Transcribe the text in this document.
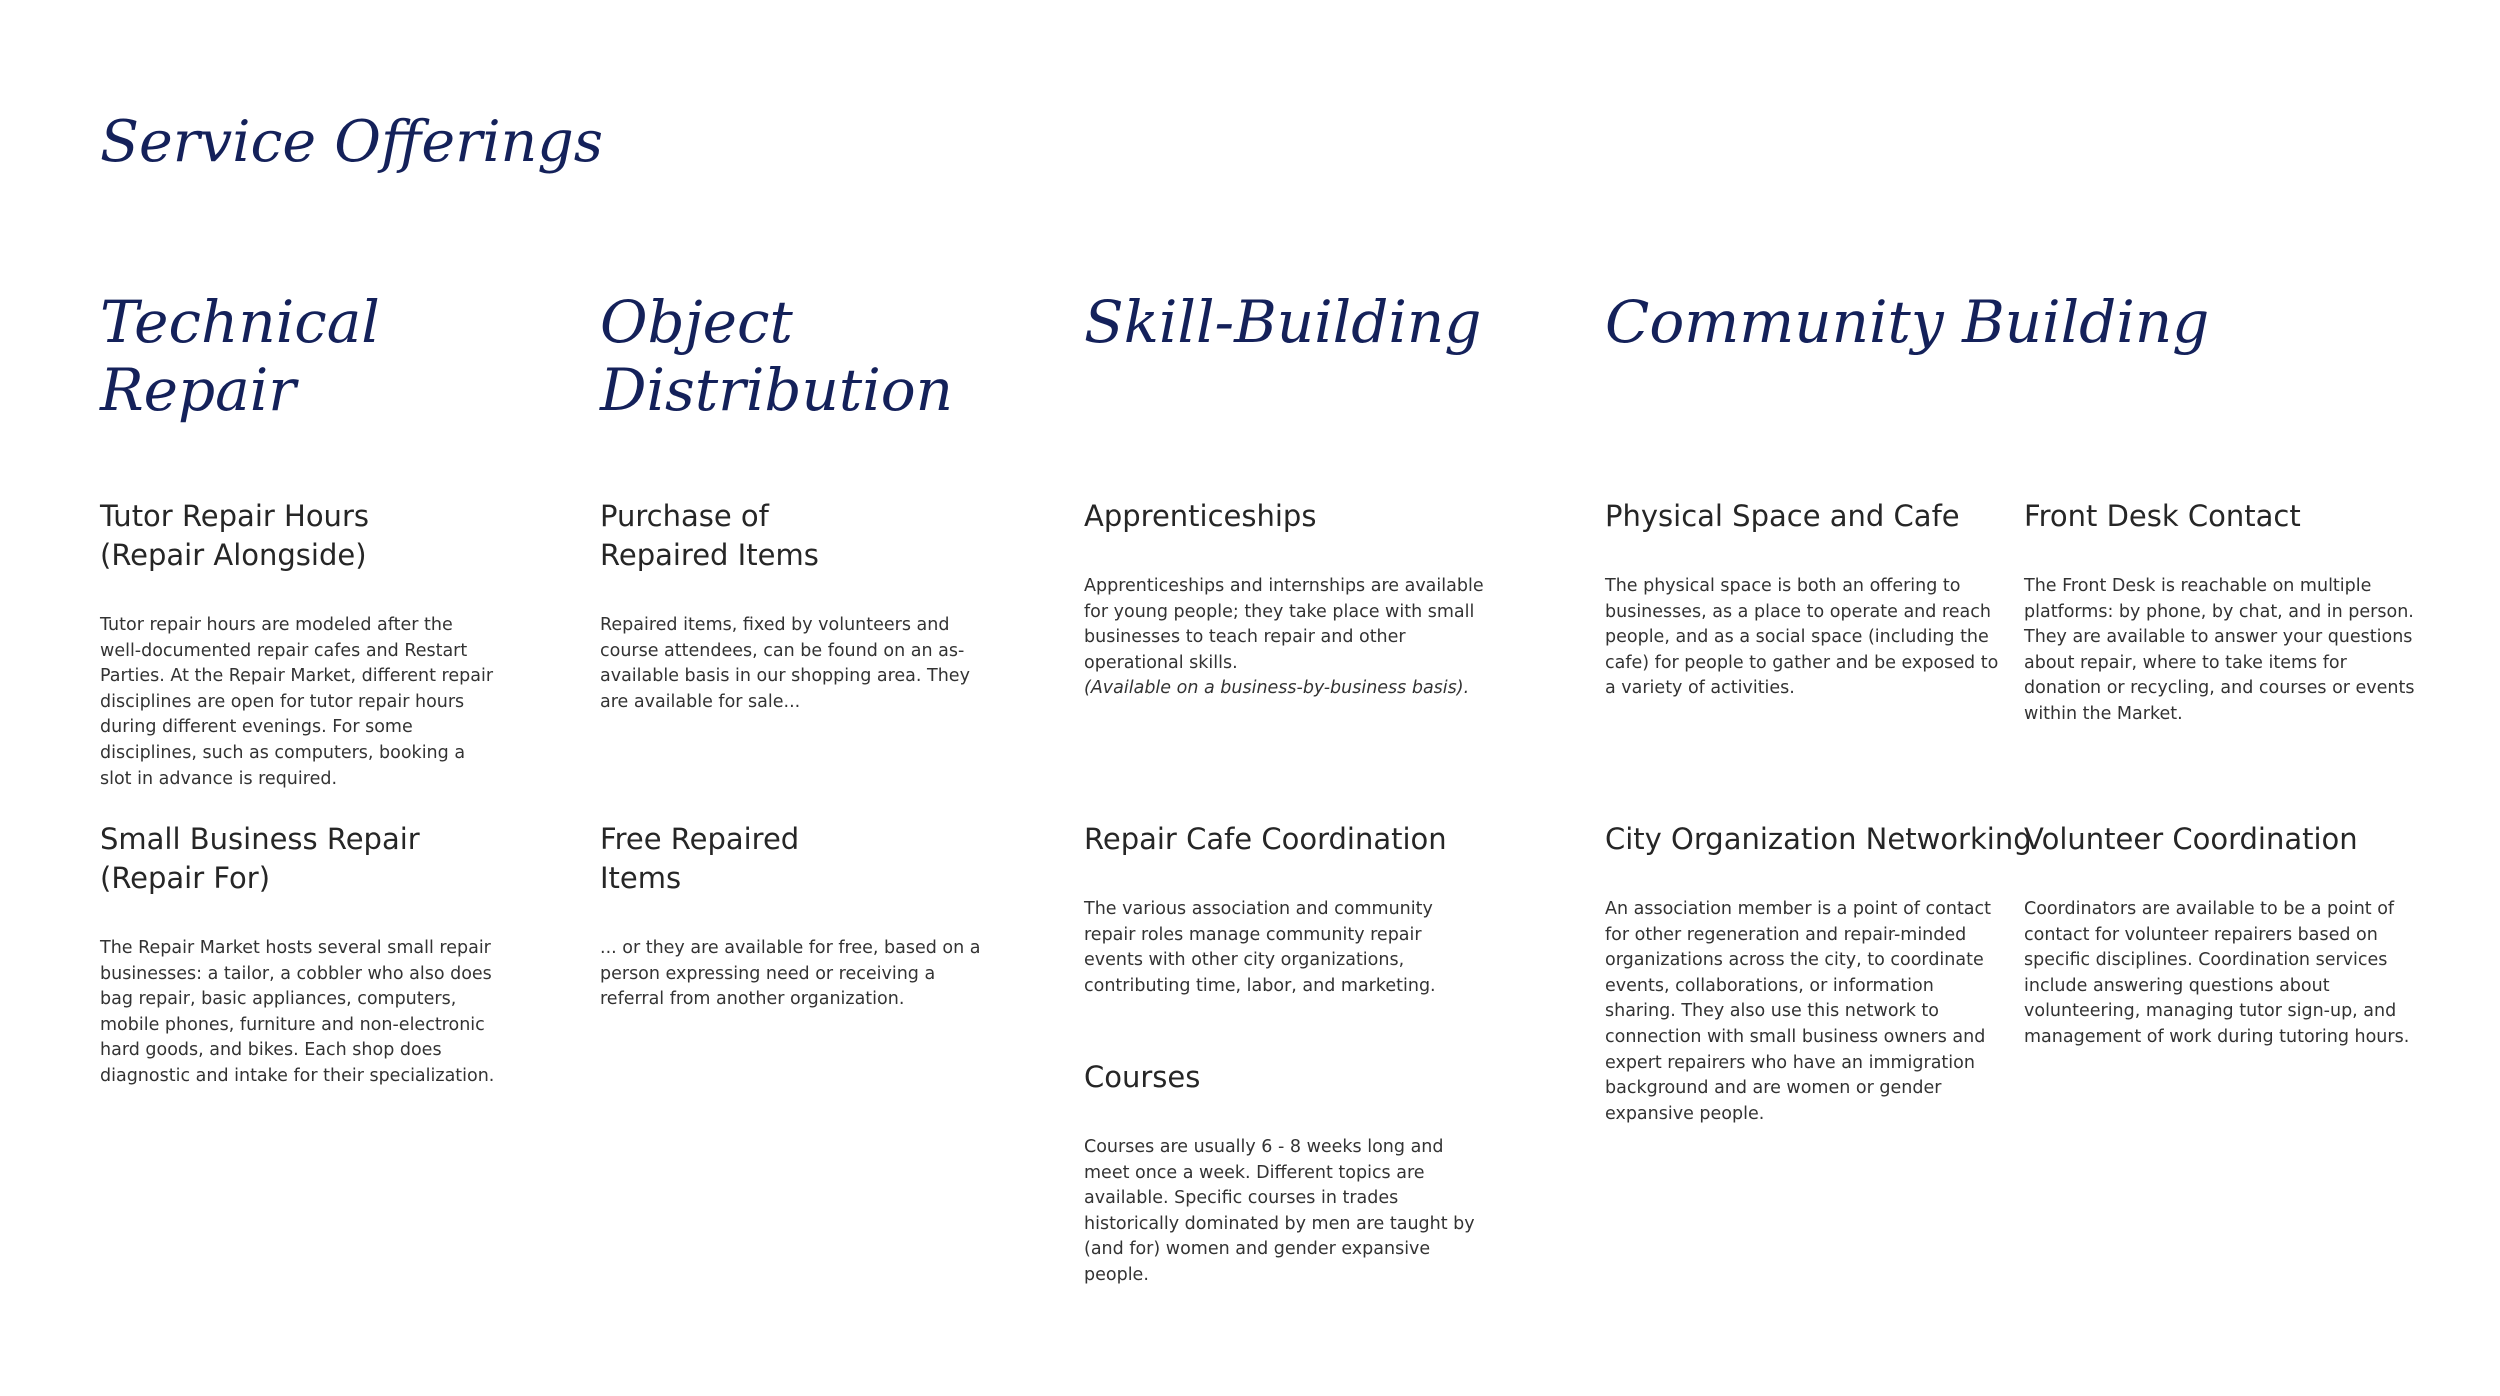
Service Offerings
Technical
Repair
Object
Distribution
Skill-Building Community Building
Tutor Repair Hours
(Repair Alongside)

Tutor repair hours are modeled after the well-documented repair cafes and Restart Parties. At the Repair Market, different repair disciplines are open for tutor repair hours during different evenings. For some disciplines, such as computers, booking a slot in advance is required.

Small Business Repair
(Repair For)

The Repair Market hosts several small repair businesses: a tailor, a cobbler who also does bag repair, basic appliances, computers, mobile phones, furniture and non-electronic hard goods, and bikes. Each shop does diagnostic and intake for their specialization.

Purchase of
Repaired Items

Repaired items, fixed by volunteers and course attendees, can be found on an as-available basis in our shopping area. They are available for sale...

Free Repaired
Items

... or they are available for free, based on a person expressing need or receiving a referral from another organization.

Apprenticeships

Apprenticeships and internships are available for young people; they take place with small businesses to teach repair and other operational skills.
(Available on a business-by-business basis).

Repair Cafe Coordination

The various association and community repair roles manage community repair events with other city organizations, contributing time, labor, and marketing.

Courses

Courses are usually 6 - 8 weeks long and meet once a week. Different topics are available. Specific courses in trades historically dominated by men are taught by (and for) women and gender expansive people.

Physical Space and Cafe

The physical space is both an offering to businesses, as a place to operate and reach people, and as a social space (including the cafe) for people to gather and be exposed to a variety of activities.

City Organization Networking

An association member is a point of contact for other regeneration and repair-minded organizations across the city, to coordinate events, collaborations, or information sharing. They also use this network to connection with small business owners and expert repairers who have an immigration background and are women or gender expansive people.

Front Desk Contact

The Front Desk is reachable on multiple platforms: by phone, by chat, and in person. They are available to answer your questions about repair, where to take items for donation or recycling, and courses or events within the Market.

Volunteer Coordination

Coordinators are available to be a point of contact for volunteer repairers based on specific disciplines. Coordination services include answering questions about volunteering, managing tutor sign-up, and management of work during tutoring hours.
